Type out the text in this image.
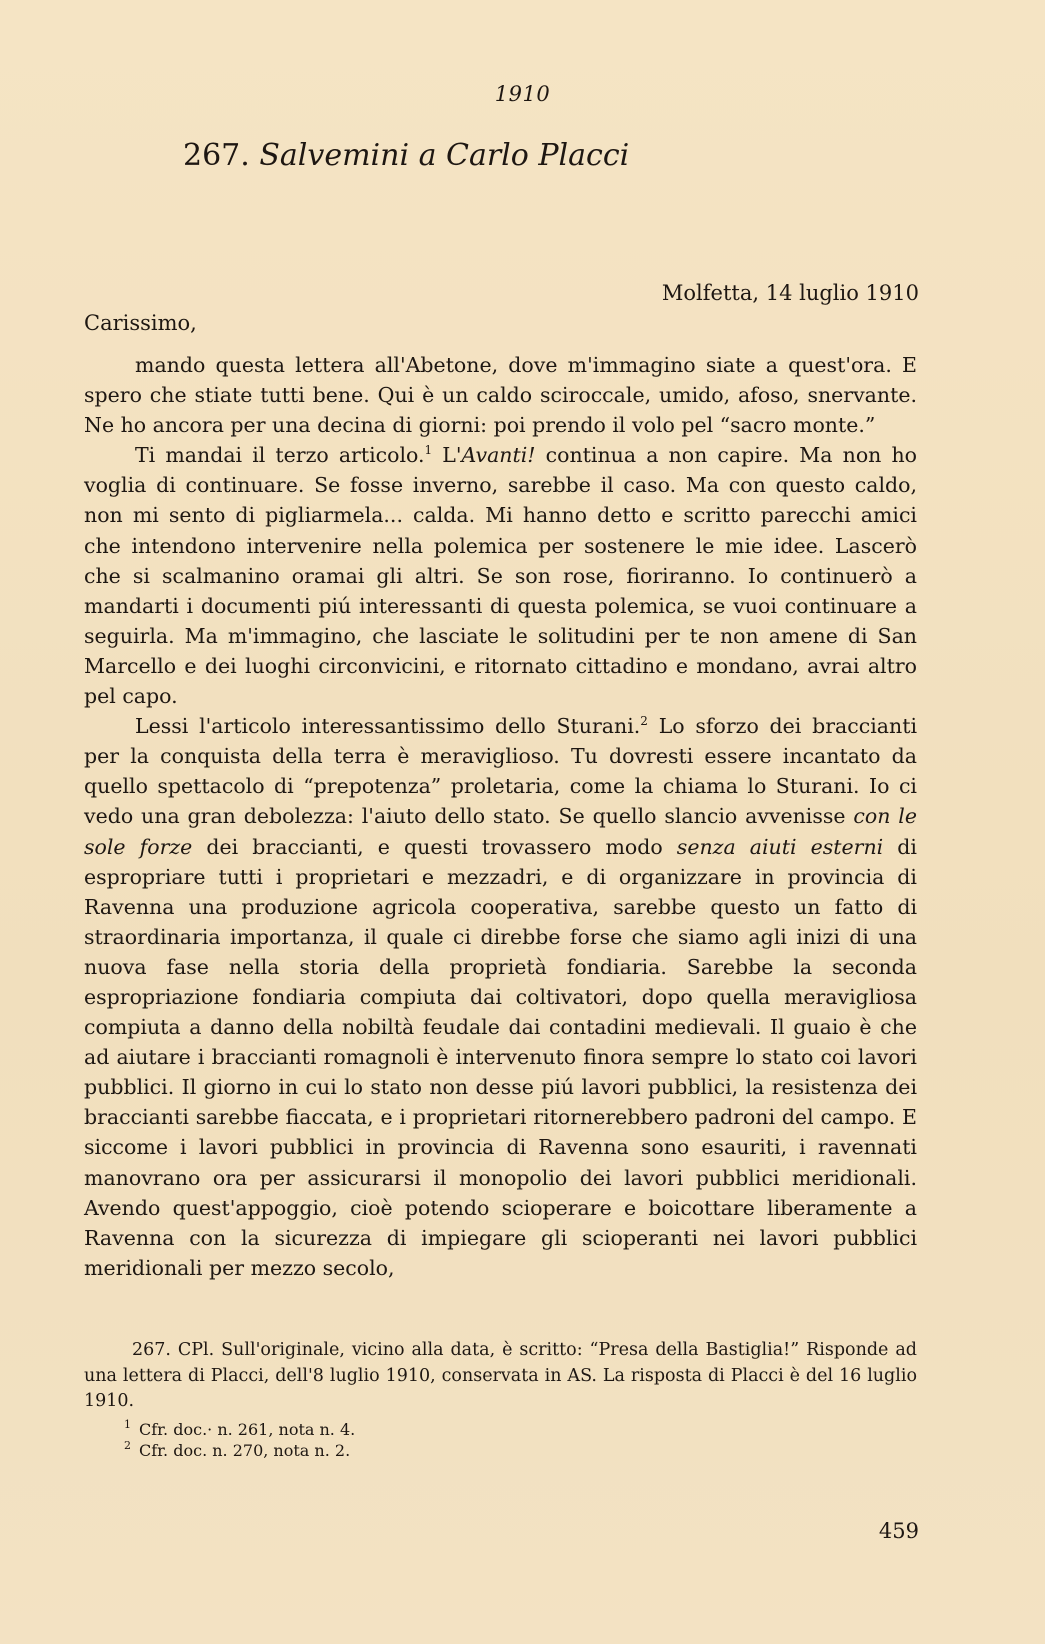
1910
267. Salvemini a Carlo Placci
Molfetta, 14 luglio 1910
Carissimo,

mando questa lettera all'Abetone, dove m'immagino siate a quest'ora. E spero che stiate tutti bene. Qui è un caldo sciroccale, umido, afoso, snervante. Ne ho ancora per una decina di giorni: poi prendo il volo pel “sacro monte.”

Ti mandai il terzo articolo.$^1$ L'Avanti! continua a non capire. Ma non ho voglia di continuare. Se fosse inverno, sarebbe il caso. Ma con questo caldo, non mi sento di pigliarmela... calda. Mi hanno detto e scritto parecchi amici che intendono intervenire nella polemica per sostenere le mie idee. Lascerò che si scalmanino oramai gli altri. Se son rose, fioriranno. Io continuerò a mandarti i documenti piú interessanti di questa polemica, se vuoi continuare a seguirla. Ma m'immagino, che lasciate le solitudini per te non amene di San Marcello e dei luoghi circonvicini, e ritornato cittadino e mondano, avrai altro pel capo.

Lessi l'articolo interessantissimo dello Sturani.$^2$ Lo sforzo dei braccianti per la conquista della terra è meraviglioso. Tu dovresti essere incantato da quello spettacolo di “prepotenza” proletaria, come la chiama lo Sturani. Io ci vedo una gran debolezza: l'aiuto dello stato. Se quello slancio avvenisse con le sole forze dei braccianti, e questi trovassero modo senza aiuti esterni di espropriare tutti i proprietari e mezzadri, e di organizzare in provincia di Ravenna una produzione agricola cooperativa, sarebbe questo un fatto di straordinaria importanza, il quale ci direbbe forse che siamo agli inizi di una nuova fase nella storia della proprietà fondiaria. Sarebbe la seconda espropriazione fondiaria compiuta dai coltivatori, dopo quella meravigliosa compiuta a danno della nobiltà feudale dai contadini medievali. Il guaio è che ad aiutare i braccianti romagnoli è intervenuto finora sempre lo stato coi lavori pubblici. Il giorno in cui lo stato non desse piú lavori pubblici, la resistenza dei braccianti sarebbe fiaccata, e i proprietari ritornerebbero padroni del campo. E siccome i lavori pubblici in provincia di Ravenna sono esauriti, i ravennati manovrano ora per assicurarsi il monopolio dei lavori pubblici meridionali. Avendo quest'appoggio, cioè potendo scioperare e boicottare liberamente a Ravenna con la sicurezza di impiegare gli scioperanti nei lavori pubblici meridionali per mezzo secolo,

267. CPl. Sull'originale, vicino alla data, è scritto: “Presa della Bastiglia!” Risponde ad una lettera di Placci, dell'8 luglio 1910, conservata in AS. La risposta di Placci è del 16 luglio 1910.

$^1$ Cfr. doc.· n. 261, nota n. 4.
$^2$ Cfr. doc. n. 270, nota n. 2.
459
